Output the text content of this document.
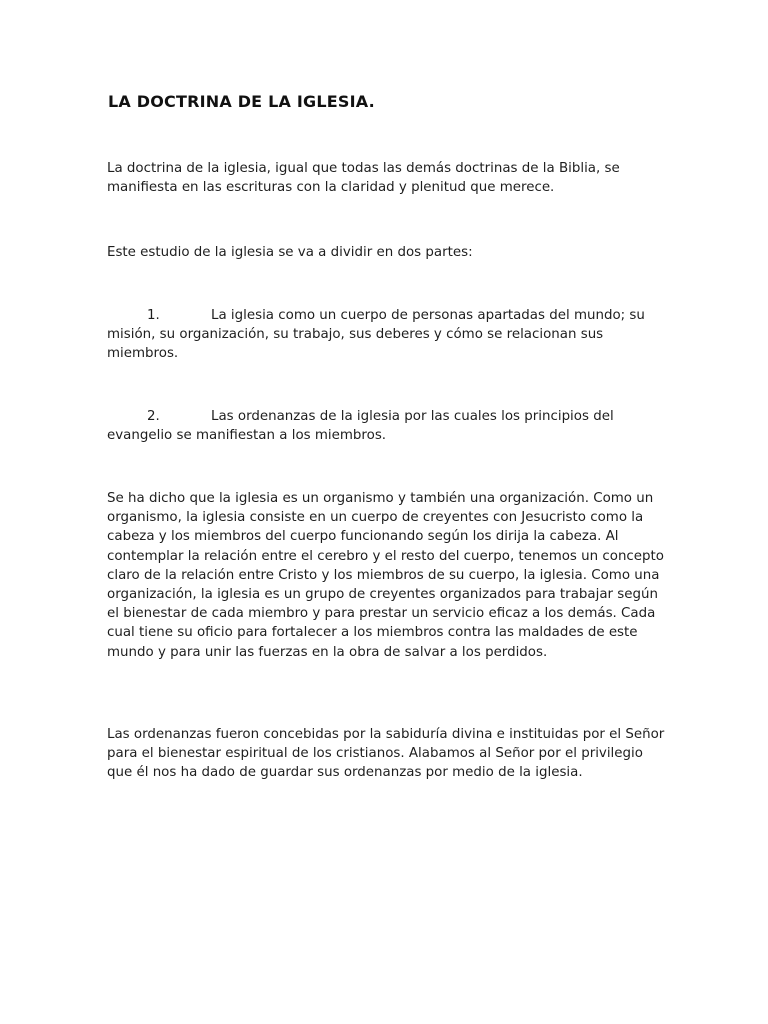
LA DOCTRINA DE LA IGLESIA.

La doctrina de la iglesia, igual que todas las demás doctrinas de la Biblia, se manifiesta en las escrituras con la claridad y plenitud que merece.

Este estudio de la iglesia se va a dividir en dos partes:

1.	La iglesia como un cuerpo de personas apartadas del mundo; su misión, su organización, su trabajo, sus deberes y cómo se relacionan sus miembros.

2.	Las ordenanzas de la iglesia por las cuales los principios del evangelio se manifiestan a los miembros.

Se ha dicho que la iglesia es un organismo y también una organización. Como un organismo, la iglesia consiste en un cuerpo de creyentes con Jesucristo como la cabeza y los miembros del cuerpo funcionando según los dirija la cabeza. Al contemplar la relación entre el cerebro y el resto del cuerpo, tenemos un concepto claro de la relación entre Cristo y los miembros de su cuerpo, la iglesia. Como una organización, la iglesia es un grupo de creyentes organizados para trabajar según el bienestar de cada miembro y para prestar un servicio eficaz a los demás. Cada cual tiene su oficio para fortalecer a los miembros contra las maldades de este mundo y para unir las fuerzas en la obra de salvar a los perdidos.

Las ordenanzas fueron concebidas por la sabiduría divina e instituidas por el Señor para el bienestar espiritual de los cristianos. Alabamos al Señor por el privilegio que él nos ha dado de guardar sus ordenanzas por medio de la iglesia.
